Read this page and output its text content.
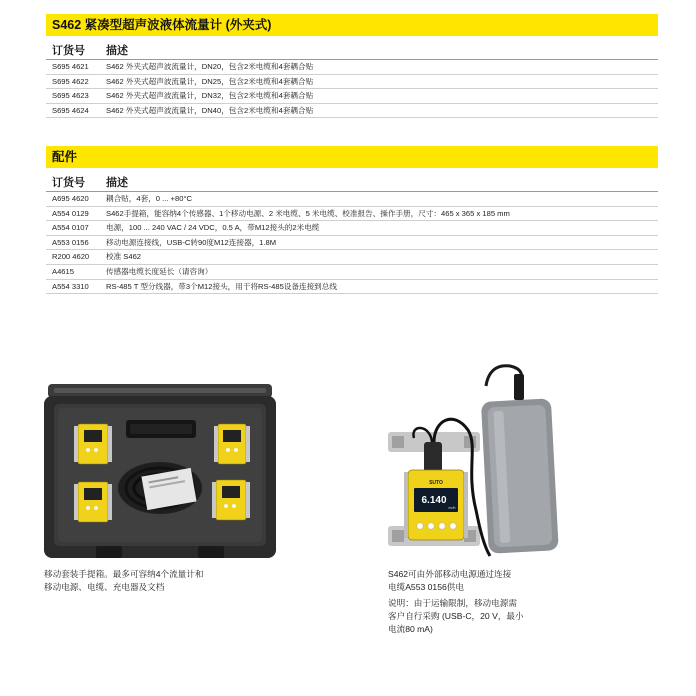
S462 紧凑型超声波液体流量计 (外夹式)
订货号	描述
S695 4621	S462 外夹式超声波流量计，DN20，包含2米电缆和4套耦合贴
S695 4622	S462 外夹式超声波流量计，DN25，包含2米电缆和4套耦合贴
S695 4623	S462 外夹式超声波流量计，DN32，包含2米电缆和4套耦合贴
S695 4624	S462 外夹式超声波流量计，DN40，包含2米电缆和4套耦合贴
配件
订货号	描述
A695 4620	耦合贴，4套，0 ... +80°C
A554 0129	S462手提箱，能容纳4个传感器、1个移动电源、2 米电缆、5 米电缆、校准报告、操作手册，尺寸：465 x 365 x 185 mm
A554 0107	电源，100 ... 240 VAC / 24 VDC，0.5 A，带M12接头的2米电缆
A553 0156	移动电源连接线，USB-C转90度M12连接器，1.8M
R200 4620	校准 S462
A4615	传感器电缆长度延长（请咨询）
A554 3310	RS-485 T 型分线器，带3个M12接头，用于将RS-485设备连接到总线
移动套装手提箱。最多可容纳4个流量计和
移动电源、电缆、充电器及文档
SUTO
6.140
m³/h
S462可由外部移动电源通过连接
电缆A553 0156供电
说明：由于运输限制，移动电源需
客户自行采购 (USB-C，20 V，最小
电流80 mA)
